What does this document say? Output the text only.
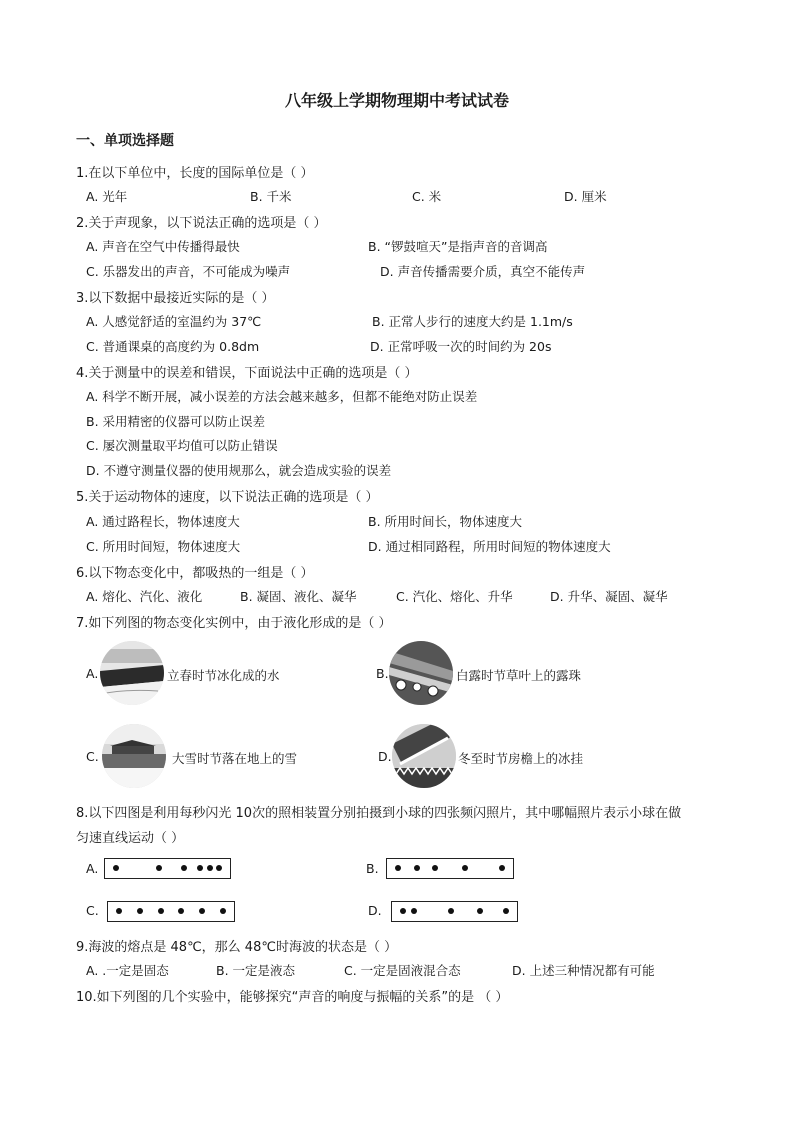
八年级上学期物理期中考试试卷
一、单项选择题
1.在以下单位中，长度的国际单位是（ ）
A. 光年	B. 千米	C. 米	D. 厘米
2.关于声现象，以下说法正确的选项是（ ）
A. 声音在空气中传播得最快	B. “锣鼓喧天”是指声音的音调高
C. 乐器发出的声音，不可能成为噪声	D. 声音传播需要介质，真空不能传声
3.以下数据中最接近实际的是（ ）
A. 人感觉舒适的室温约为 37℃	B. 正常人步行的速度大约是 1.1m/s
C. 普通课桌的高度约为 0.8dm	D. 正常呼吸一次的时间约为 20s
4.关于测量中的误差和错误，下面说法中正确的选项是（ ）
A. 科学不断开展，减小误差的方法会越来越多，但都不能绝对防止误差
B. 采用精密的仪器可以防止误差
C. 屡次测量取平均值可以防止错误
D. 不遵守测量仪器的使用规那么，就会造成实验的误差
5.关于运动物体的速度，以下说法正确的选项是（ ）
A. 通过路程长，物体速度大	B. 所用时间长，物体速度大
C. 所用时间短，物体速度大	D. 通过相同路程，所用时间短的物体速度大
6.以下物态变化中，都吸热的一组是（ ）
A. 熔化、汽化、液化	B. 凝固、液化、凝华	C. 汽化、熔化、升华	D. 升华、凝固、凝华
7.如下列图的物态变化实例中，由于液化形成的是（ ）
A.	立春时节冰化成的水	B.	白露时节草叶上的露珠
C.	大雪时节落在地上的雪	D.	冬至时节房檐上的冰挂
8.以下四图是利用每秒闪光 10次的照相装置分别拍摄到小球的四张频闪照片，其中哪幅照片表示小球在做
匀速直线运动（ ）
A.	B.
C.	D.
9.海波的熔点是 48℃，那么 48℃时海波的状态是（ ）
A. .一定是固态	B. 一定是液态	C. 一定是固液混合态	D. 上述三种情况都有可能
10.如下列图的几个实验中，能够探究“声音的响度与振幅的关系”的是 （ ）
